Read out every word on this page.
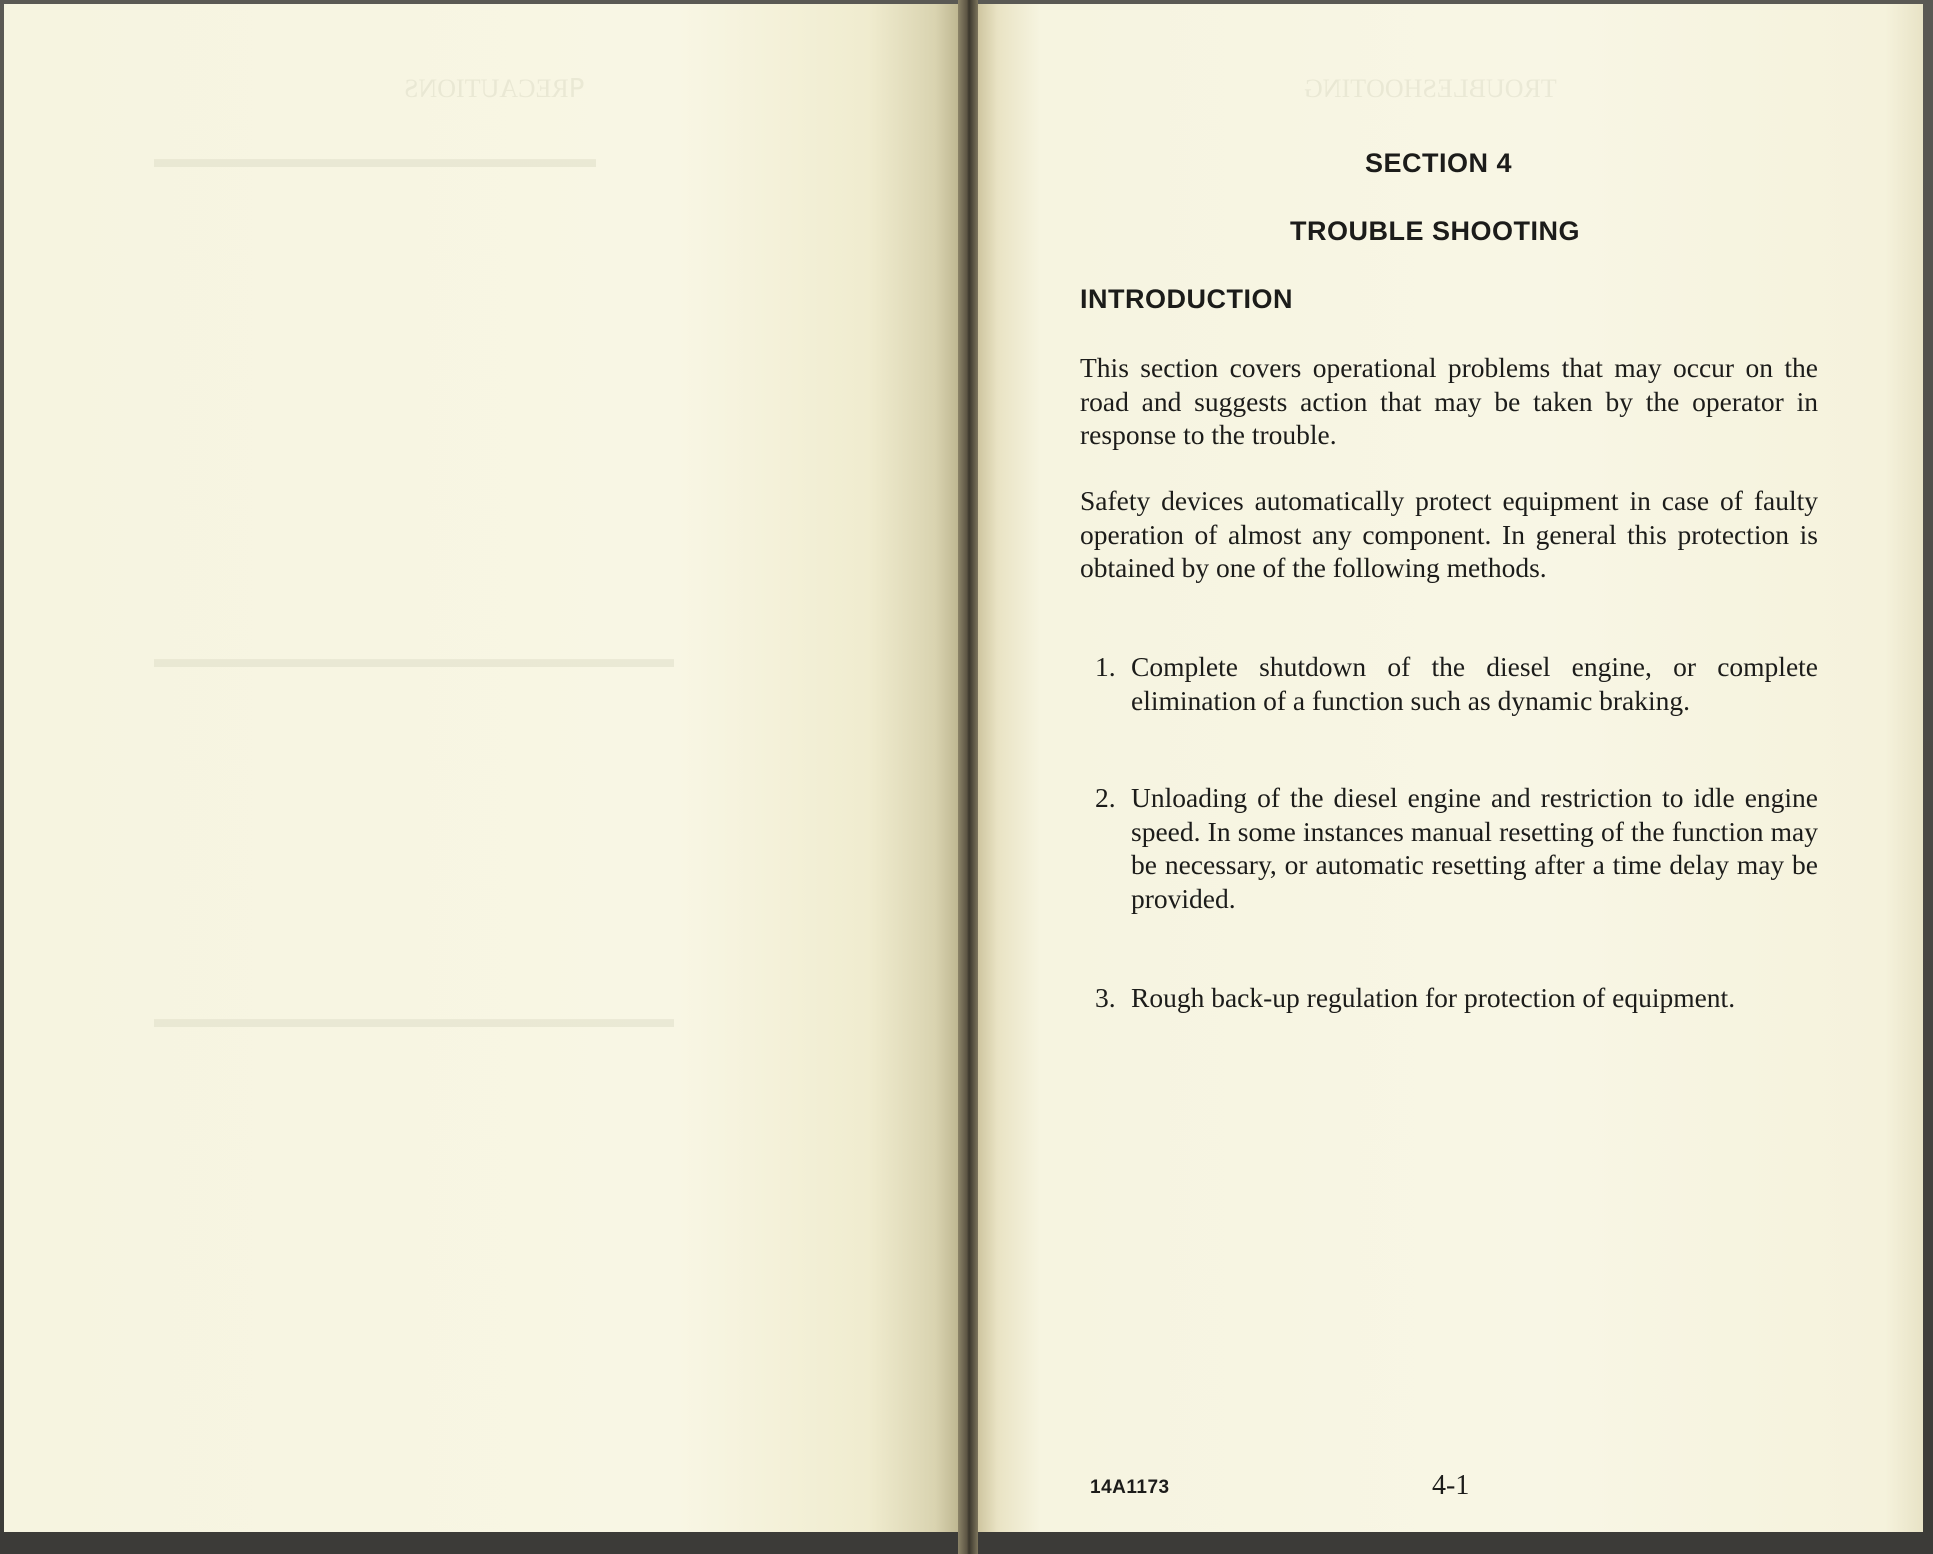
ꟼ͏RECAUTIONS
▬▬▬▬▬▬▬▬▬▬▬▬▬▬▬▬▬
▬▬▬▬▬▬▬▬▬▬▬▬▬▬▬▬▬▬▬▬
▬▬▬▬▬▬▬▬▬▬▬▬▬▬▬▬▬▬▬▬
TROUBLESHOOTING
SECTION 4
TROUBLE SHOOTING
INTRODUCTION
This section covers operational problems that may occur on the road and suggests action that may be taken by the operator in response to the trouble.
Safety devices automatically protect equipment in case of faulty operation of almost any component. In general this protection is obtained by one of the following methods.
1. Complete shutdown of the diesel engine, or complete elimination of a function such as dynamic braking.
2. Unloading of the diesel engine and restriction to idle engine speed. In some instances manual resetting of the function may be necessary, or automatic resetting after a time delay may be provided.
3. Rough back-up regulation for protection of equipment.
14A1173	4-1
